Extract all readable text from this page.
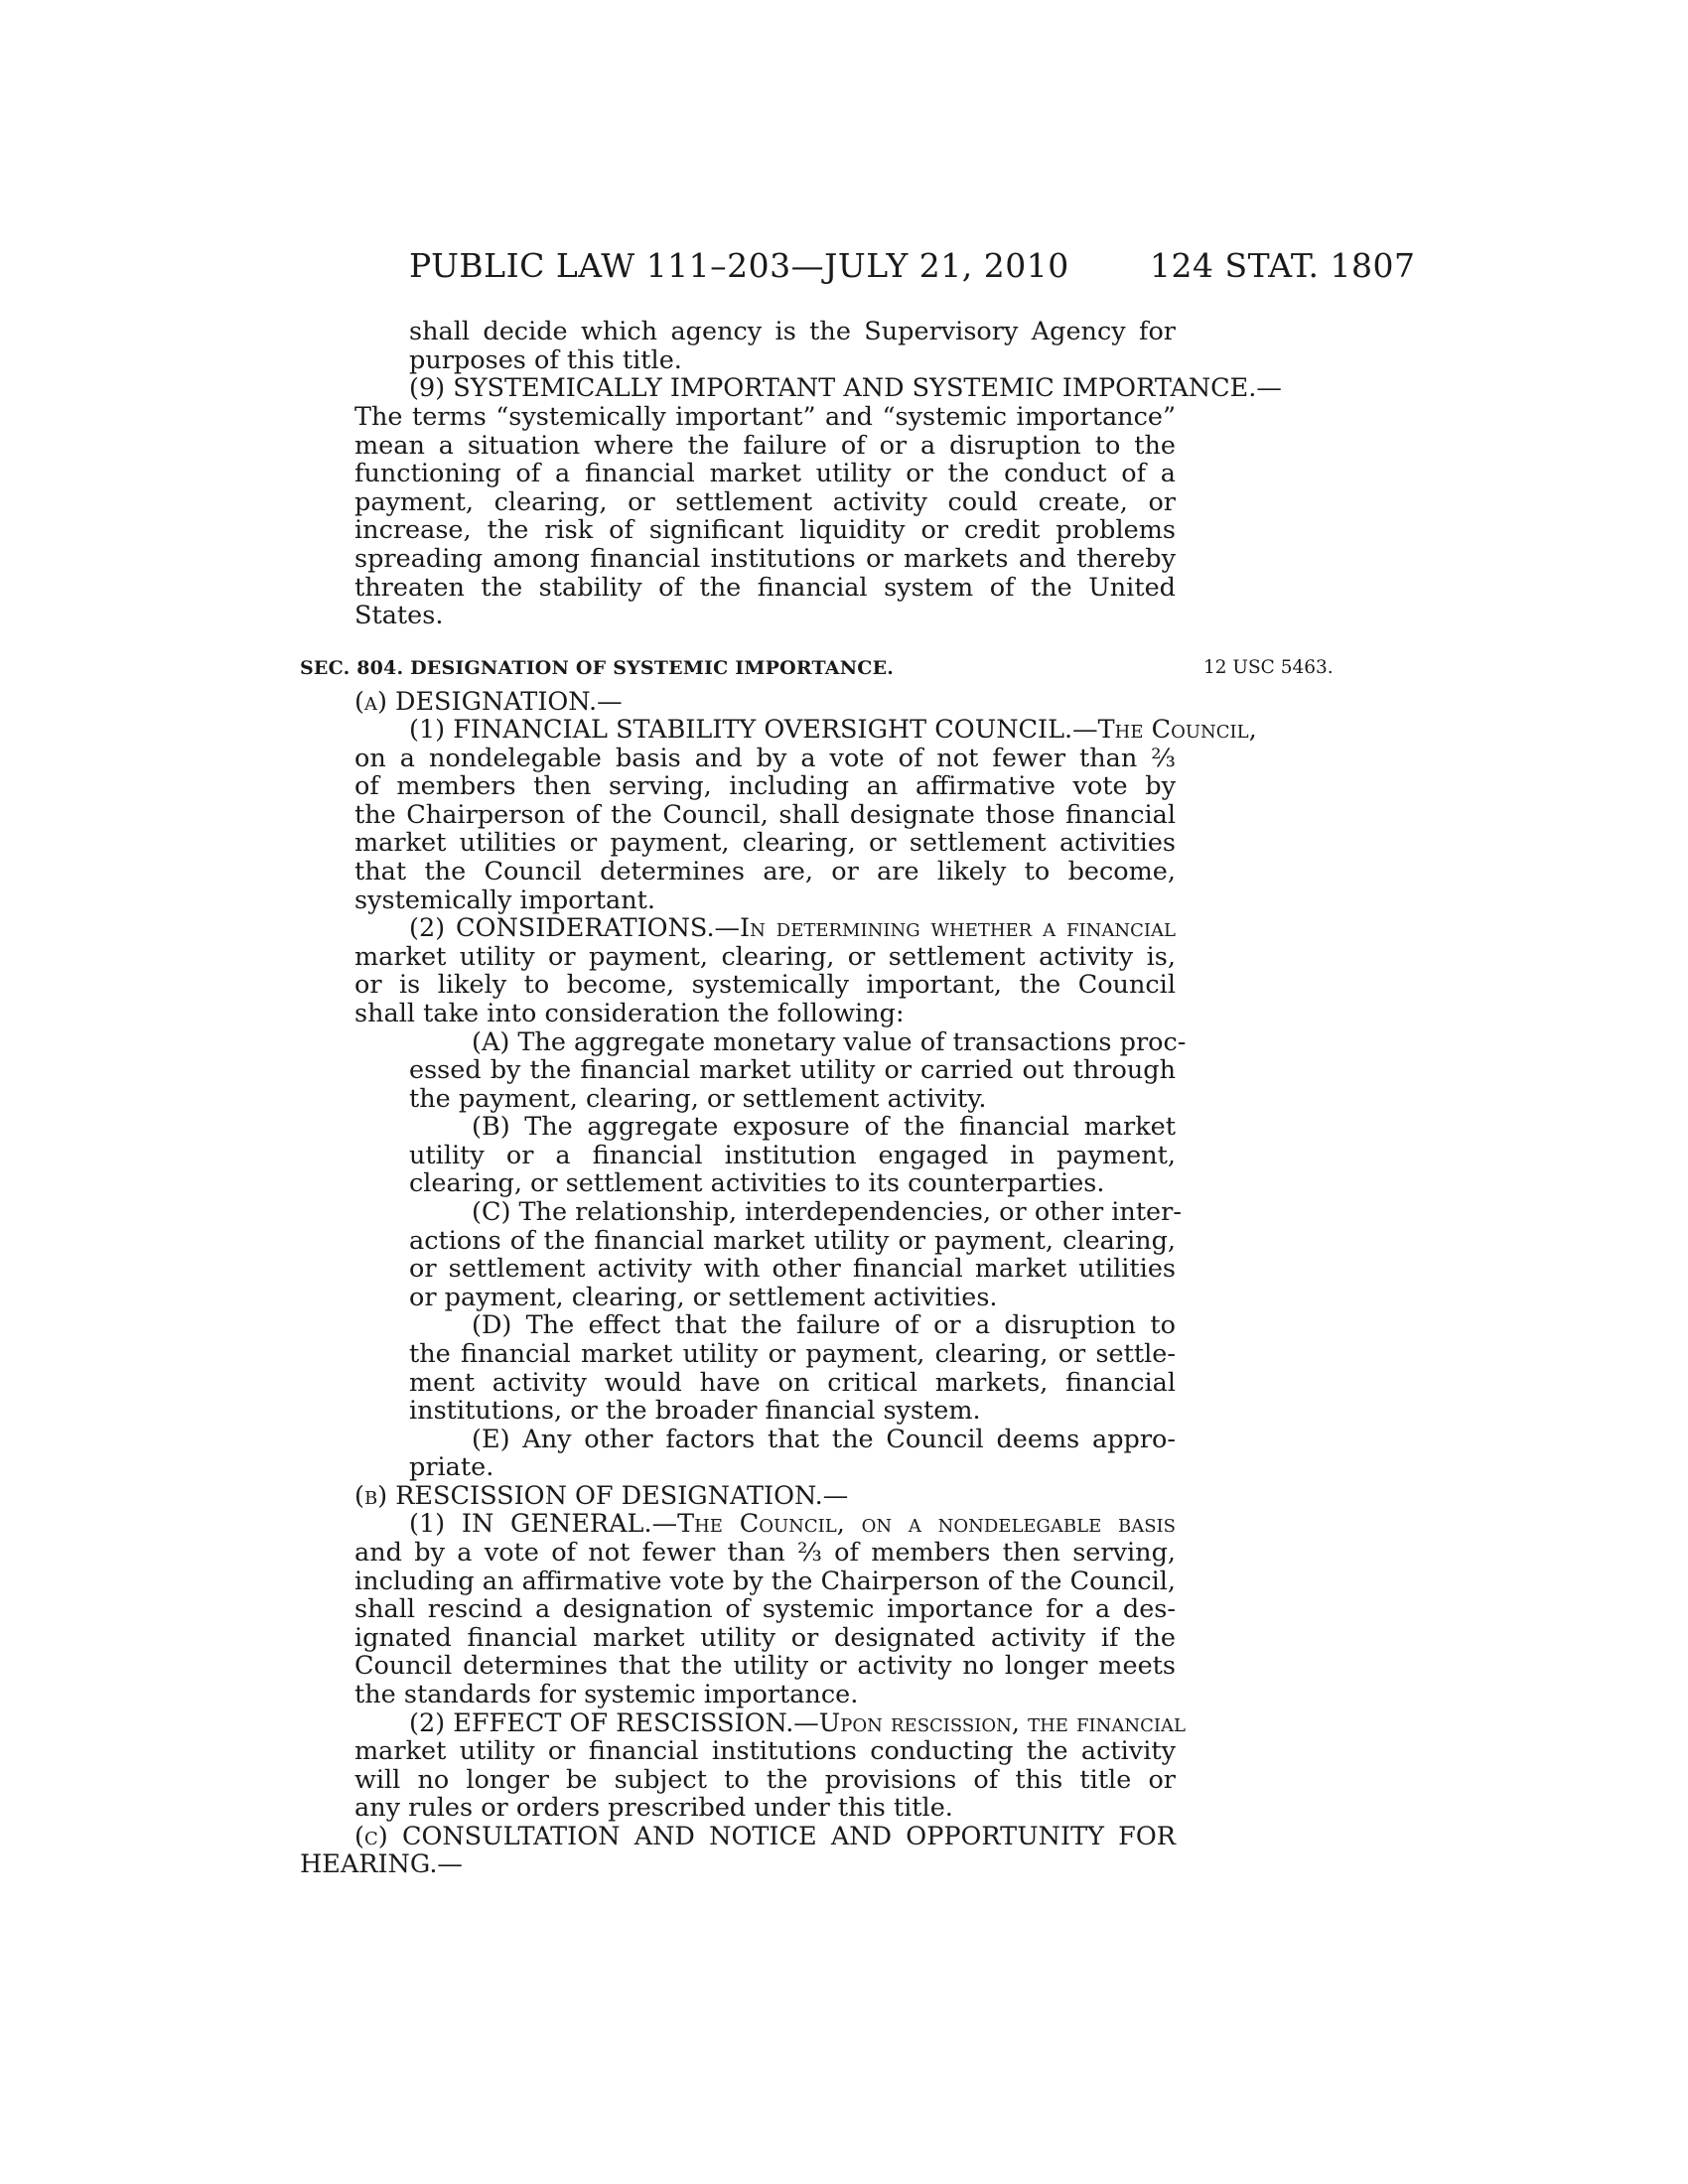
PUBLIC LAW 111–203—JULY 21, 2010 124 STAT. 1807
SEC. 804. DESIGNATION OF SYSTEMIC IMPORTANCE.	12 USC 5463.
shall decide which agency is the Supervisory Agency for
purposes of this title.
(9) SYSTEMICALLY IMPORTANT AND SYSTEMIC IMPORTANCE.—
The terms “systemically important” and “systemic importance”
mean a situation where the failure of or a disruption to the
functioning of a financial market utility or the conduct of a
payment, clearing, or settlement activity could create, or
increase, the risk of significant liquidity or credit problems
spreading among financial institutions or markets and thereby
threaten the stability of the financial system of the United
States.
(a) DESIGNATION.—
(1) FINANCIAL STABILITY OVERSIGHT COUNCIL.—The Council,
on a nondelegable basis and by a vote of not fewer than ⅔
of members then serving, including an affirmative vote by
the Chairperson of the Council, shall designate those financial
market utilities or payment, clearing, or settlement activities
that the Council determines are, or are likely to become,
systemically important.
(2) CONSIDERATIONS.—In determining whether a financial
market utility or payment, clearing, or settlement activity is,
or is likely to become, systemically important, the Council
shall take into consideration the following:
(A) The aggregate monetary value of transactions proc-
essed by the financial market utility or carried out through
the payment, clearing, or settlement activity.
(B) The aggregate exposure of the financial market
utility or a financial institution engaged in payment,
clearing, or settlement activities to its counterparties.
(C) The relationship, interdependencies, or other inter-
actions of the financial market utility or payment, clearing,
or settlement activity with other financial market utilities
or payment, clearing, or settlement activities.
(D) The effect that the failure of or a disruption to
the financial market utility or payment, clearing, or settle-
ment activity would have on critical markets, financial
institutions, or the broader financial system.
(E) Any other factors that the Council deems appro-
priate.
(b) RESCISSION OF DESIGNATION.—
(1) IN GENERAL.—The Council, on a nondelegable basis
and by a vote of not fewer than ⅔ of members then serving,
including an affirmative vote by the Chairperson of the Council,
shall rescind a designation of systemic importance for a des-
ignated financial market utility or designated activity if the
Council determines that the utility or activity no longer meets
the standards for systemic importance.
(2) EFFECT OF RESCISSION.—Upon rescission, the financial
market utility or financial institutions conducting the activity
will no longer be subject to the provisions of this title or
any rules or orders prescribed under this title.
(c) CONSULTATION AND NOTICE AND OPPORTUNITY FOR
HEARING.—
